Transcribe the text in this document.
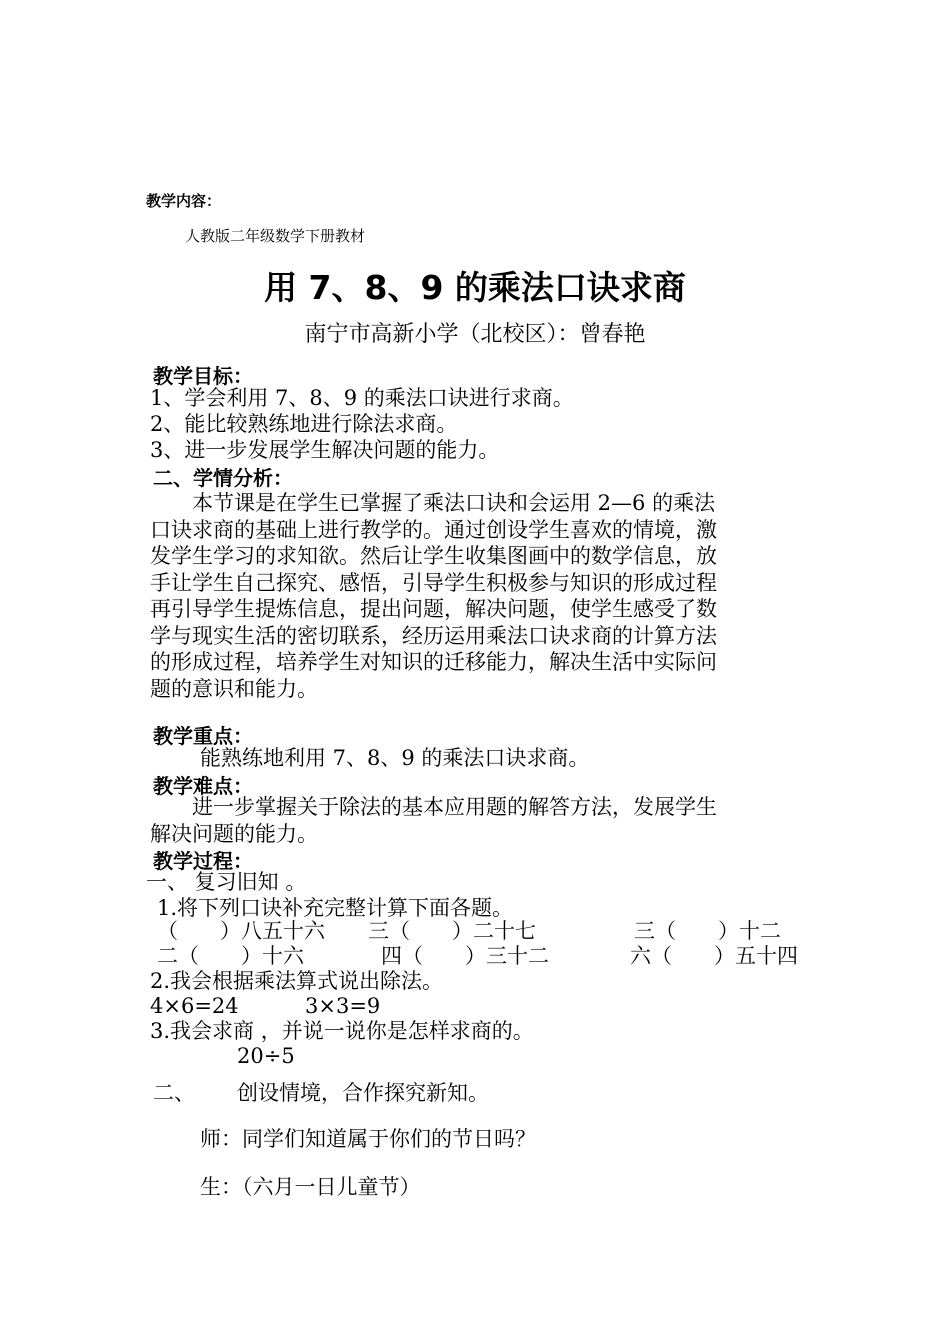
教学内容：
人教版二年级数学下册教材
用 7、8、9 的乘法口诀求商
南宁市高新小学（北校区）：曾春艳
教学目标：
1、学会利用 7、8、9 的乘法口诀进行求商。
2、能比较熟练地进行除法求商。
3、进一步发展学生解决问题的能力。
二、学情分析：
　　本节课是在学生已掌握了乘法口诀和会运用 2—6 的乘法
口诀求商的基础上进行教学的。通过创设学生喜欢的情境，激
发学生学习的求知欲。然后让学生收集图画中的数学信息，放
手让学生自己探究、感悟，引导学生积极参与知识的形成过程
再引导学生提炼信息，提出问题，解决问题，使学生感受了数
学与现实生活的密切联系，经历运用乘法口诀求商的计算方法
的形成过程，培养学生对知识的迁移能力，解决生活中实际问
题的意识和能力。
教学重点：
能熟练地利用 7、8、9 的乘法口诀求商。
教学难点：
　　进一步掌握关于除法的基本应用题的解答方法，发展学生
解决问题的能力。
教学过程：
一、 复习旧知 。
1.将下列口诀补充完整计算下面各题。
（　　）八五十六 三（　　）二十七	三（　　）十二
二（　　）十六	四（　　）三十二	六（　　）五十四
2.我会根据乘法算式说出除法。
4×6=24	3×3=9
3.我会求商 ，并说一说你是怎样求商的。
20÷5
二、 创设情境，合作探究新知。
师：同学们知道属于你们的节日吗？
生：（六月一日儿童节）
